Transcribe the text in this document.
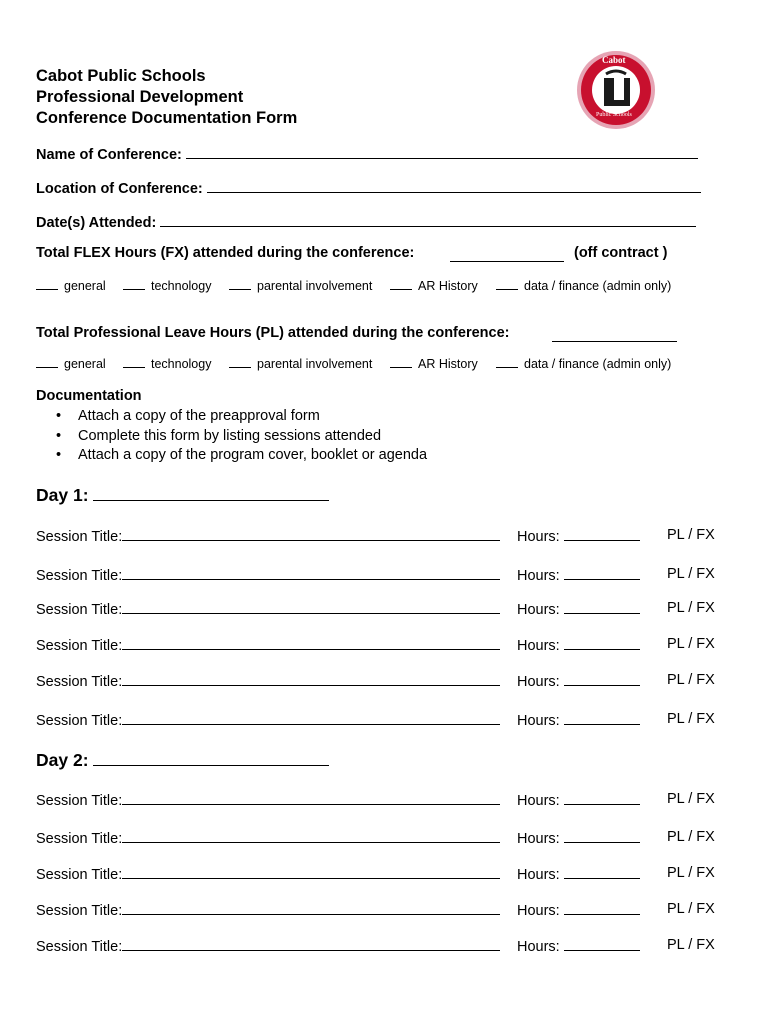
Cabot Public Schools
Professional Development
Conference Documentation Form
Cabot
Public Schools
Name of Conference:
Location of Conference:
Date(s) Attended:
Total FLEX Hours (FX) attended during the conference:	(off contract )
general	technology	parental involvement	AR History	data / finance (admin only)
Total Professional Leave Hours (PL) attended during the conference:
general	technology	parental involvement	AR History	data / finance (admin only)
Documentation
• Attach a copy of the preapproval form
• Complete this form by listing sessions attended
• Attach a copy of the program cover, booklet or agenda
Day 1:
Session Title:	Hours:	PL / FX
Session Title:	Hours:	PL / FX
Session Title:	Hours:	PL / FX
Session Title:	Hours:	PL / FX
Session Title:	Hours:	PL / FX
Session Title:	Hours:	PL / FX
Day 2:
Session Title:	Hours:	PL / FX
Session Title:	Hours:	PL / FX
Session Title:	Hours:	PL / FX
Session Title:	Hours:	PL / FX
Session Title:	Hours:	PL / FX
